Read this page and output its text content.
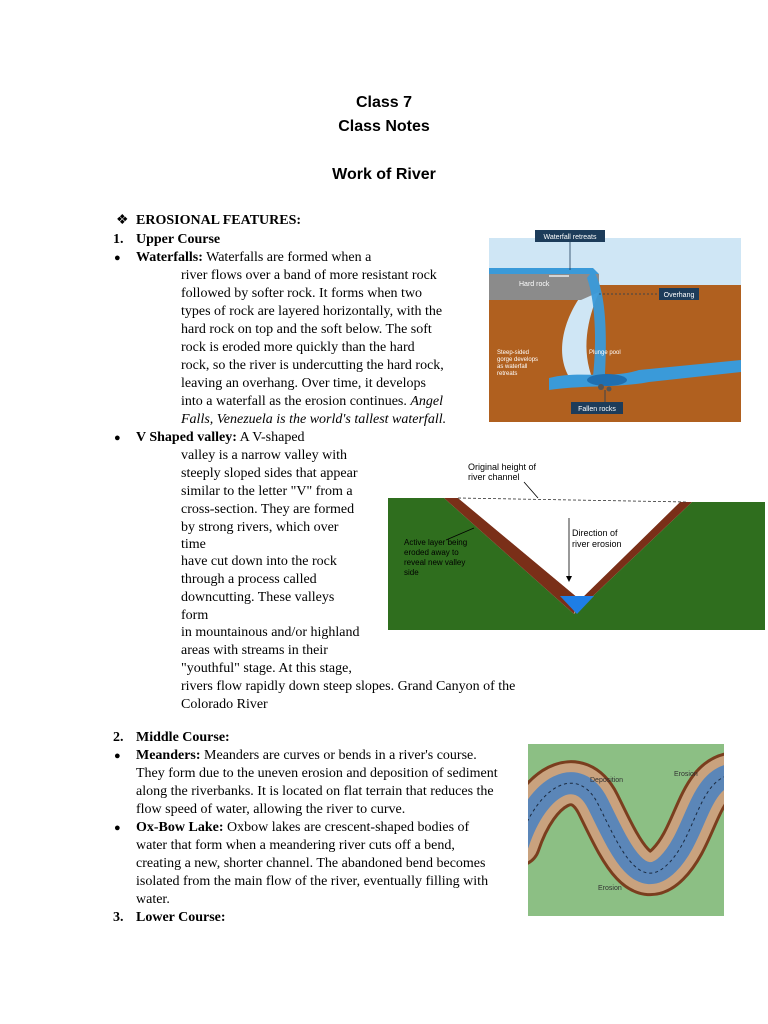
Class 7
Class Notes
Work of River
❖ EROSIONAL FEATURES:
1. Upper Course
● Waterfalls: Waterfalls are formed when a
river flows over a band of more resistant rock
followed by softer rock. It forms when two
types of rock are layered horizontally, with the
hard rock on top and the soft below. The soft
rock is eroded more quickly than the hard
rock, so the river is undercutting the hard rock,
leaving an overhang. Over time, it develops
into a waterfall as the erosion continues. Angel
Falls, Venezuela is the world's tallest waterfall.
● V Shaped valley: A V-shaped
valley is a narrow valley with
steeply sloped sides that appear
similar to the letter "V" from a
cross-section. They are formed
by strong rivers, which over
time
have cut down into the rock
through a process called
downcutting. These valleys
form
in mountainous and/or highland
areas with streams in their
"youthful" stage. At this stage,
rivers flow rapidly down steep slopes. Grand Canyon of the
Colorado River
2. Middle Course:
● Meanders: Meanders are curves or bends in a river's course.
They form due to the uneven erosion and deposition of sediment
along the riverbanks. It is located on flat terrain that reduces the
flow speed of water, allowing the river to curve.
● Ox-Bow Lake: Oxbow lakes are crescent-shaped bodies of
water that form when a meandering river cuts off a bend,
creating a new, shorter channel. The abandoned bend becomes
isolated from the main flow of the river, eventually filling with
water.
3. Lower Course:
Waterfall retreats
Hard rock
Overhang
Plunge pool
Steep-sided
gorge develops
as waterfall
retreats
Fallen rocks
Original height of
river channel
Direction of
river erosion
Active layer being
eroded away to
reveal new valley
side
Deposition
Erosion
Erosion
